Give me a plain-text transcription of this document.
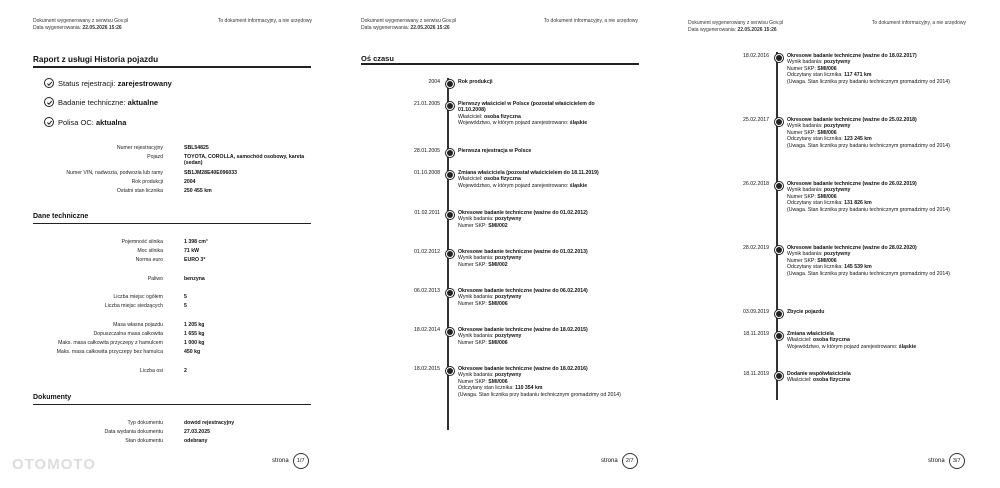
Dokument wygenerowany z serwisu Gov.pl
Data wygenerowania: 22.05.2026 15:26
To dokument informacyjny, a nie urzędowy
Raport z usługi Historia pojazdu
Status rejestracji:
zarejestrowany
Badanie techniczne:
aktualne
Polisa OC:
aktualna
Numer rejestracyjny	SBL54825
Pojazd	TOYOTA, COROLLA, samochód osobowy, kareta (sedan)
Numer VIN, nadwozia, podwozia lub ramy	SB1JM28E40E096033
Rok produkcji	2004
Ostatni stan licznika	250 455 km
Dane techniczne
Pojemność silnika	1 398 cm³
Moc silnika	71 kW
Norma euro	EURO 3*
Paliwo	benzyna
Liczba miejsc ogółem	5
Liczba miejsc siedzących	5
Masa własna pojazdu	1 205 kg
Dopuszczalna masa całkowita	1 655 kg
Maks. masa całkowita przyczepy z hamulcem	1 000 kg
Maks. masa całkowita przyczepy bez hamulca	450 kg
Liczba osi	2
Dokumenty
Typ dokumentu	dowód rejestracyjny
Data wydania dokumentu	27.03.2025
Stan dokumentu	odebrany
strona	1/7
OTOMOTO
Dokument wygenerowany z serwisu Gov.pl
Data wygenerowania: 22.05.2026 15:26
To dokument informacyjny, a nie urzędowy
Oś czasu
2004	Rok produkcji
21.01.2005	Pierwszy właściciel w Polsce (pozostał właścicielem do 01.10.2008)
Właściciel: osoba fizyczna
Województwo, w którym pojazd zarejestrowano: śląskie
28.01.2005	Pierwsza rejestracja w Polsce
01.10.2008	Zmiana właściciela (pozostał właścicielem do 18.11.2019)
Właściciel: osoba fizyczna
Województwo, w którym pojazd zarejestrowano: śląskie
01.02.2011	Okresowe badanie techniczne (ważne do 01.02.2012)
Wynik badania: pozytywny
Numer SKP: SMI/002
01.02.2012	Okresowe badanie techniczne (ważne do 01.02.2013)
Wynik badania: pozytywny
Numer SKP: SMI/002
06.02.2013	Okresowe badanie techniczne (ważne do 06.02.2014)
Wynik badania: pozytywny
Numer SKP: SMI/006
18.02.2014	Okresowe badanie techniczne (ważne do 18.02.2015)
Wynik badania: pozytywny
Numer SKP: SMI/006
18.02.2015	Okresowe badanie techniczne (ważne do 18.02.2016)
Wynik badania: pozytywny
Numer SKP: SMI/006
Odczytany stan licznika: 110 354 km
(Uwaga. Stan licznika przy badaniu technicznym gromadzimy od 2014)
strona	2/7
Dokument wygenerowany z serwisu Gov.pl
Data wygenerowania: 22.05.2026 15:26
To dokument informacyjny, a nie urzędowy
18.02.2016	Okresowe badanie techniczne (ważne do 18.02.2017)
Wynik badania: pozytywny
Numer SKP: SMI/006
Odczytany stan licznika: 117 471 km
(Uwaga. Stan licznika przy badaniu technicznym gromadzimy od 2014)
25.02.2017	Okresowe badanie techniczne (ważne do 25.02.2018)
Wynik badania: pozytywny
Numer SKP: SMI/006
Odczytany stan licznika: 123 245 km
(Uwaga. Stan licznika przy badaniu technicznym gromadzimy od 2014)
26.02.2018	Okresowe badanie techniczne (ważne do 26.02.2019)
Wynik badania: pozytywny
Numer SKP: SMI/006
Odczytany stan licznika: 131 826 km
(Uwaga. Stan licznika przy badaniu technicznym gromadzimy od 2014)
28.02.2019	Okresowe badanie techniczne (ważne do 28.02.2020)
Wynik badania: pozytywny
Numer SKP: SMI/006
Odczytany stan licznika: 145 539 km
(Uwaga. Stan licznika przy badaniu technicznym gromadzimy od 2014)
03.09.2019	Zbycie pojazdu
18.11.2019	Zmiana właściciela
Właściciel: osoba fizyczna
Województwo, w którym pojazd zarejestrowano: śląskie
18.11.2019	Dodanie współwłaściciela
Właściciel: osoba fizyczna
strona	3/7
